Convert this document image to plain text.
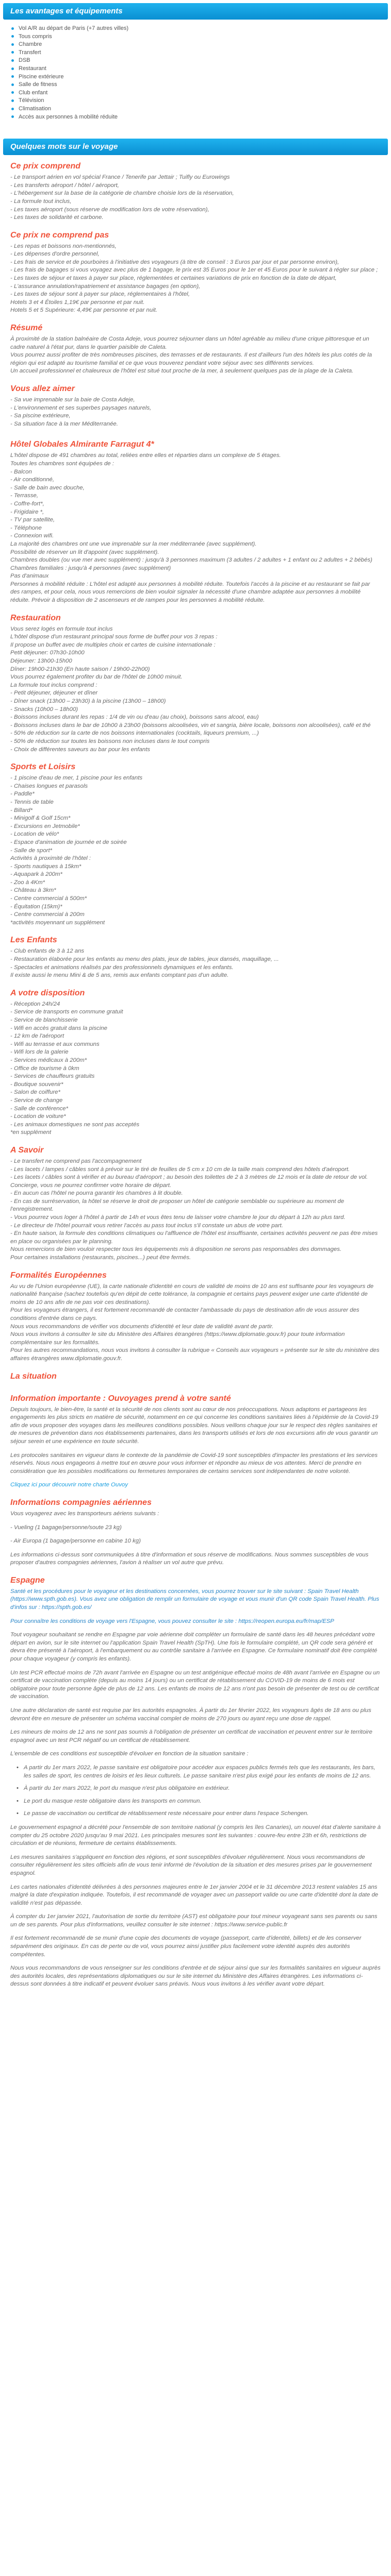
Les avantages et équipements
Vol A/R au départ de Paris (+7 autres villes)
Tous compris
Chambre
Transfert
DSB
Restaurant
Piscine extérieure
Salle de fitness
Club enfant
Télévision
Climatisation
Accès aux personnes à mobilité réduite
Quelques mots sur le voyage
Ce prix comprend

- Le transport aérien en vol spécial France / Tenerife par Jettair ; Tuifly ou Eurowings
- Les transferts aéroport / hôtel / aéroport,
- L'hébergement sur la base de la catégorie de chambre choisie lors de la réservation,
- La formule tout inclus,
- Les taxes aéroport (sous réserve de modification lors de votre réservation),
- Les taxes de solidarité et carbone.

Ce prix ne comprend pas

- Les repas et boissons non-mentionnés,
- Les dépenses d'ordre personnel,
- Les frais de service et de pourboires à l'initiative des voyageurs (à titre de conseil : 3 Euros par jour et par personne environ),
- Les frais de bagages si vous voyagez avec plus de 1 bagage, le prix est 35 Euros pour le 1er et 45 Euros pour le suivant à régler sur place ;
- Les taxes de séjour et taxes à payer sur place, réglementées et certaines variations de prix en fonction de la date de départ,
- L'assurance annulation/rapatriement et assistance bagages (en option),
- Les taxes de séjour sont à payer sur place, réglementaires à l'hôtel,
Hotels 3 et 4 Étoiles 1,19€ par personne et par nuit.
Hotels 5 et 5 Supérieure: 4,49€ par personne et par nuit.

Résumé

À proximité de la station balnéaire de Costa Adeje, vous pourrez séjourner dans un hôtel agréable au milieu d'une crique pittoresque et un cadre naturel à l'état pur, dans le quartier paisible de Caleta.
Vous pourrez aussi profiter de très nombreuses piscines, des terrasses et de restaurants. Il est d'ailleurs l'un des hôtels les plus cotés de la région qui est adapté au tourisme familial et ce que vous trouverez pendant votre séjour avec ses différents services.
Un accueil professionnel et chaleureux de l'hôtel est situé tout proche de la mer, à seulement quelques pas de la plage de la Caleta.

Vous allez aimer

- Sa vue imprenable sur la baie de Costa Adeje,
- L'environnement et ses superbes paysages naturels,
- Sa piscine extérieure,
- Sa situation face à la mer Méditerranée.

Hôtel Globales Almirante Farragut 4*

L'hôtel dispose de 491 chambres au total, reliées entre elles et réparties dans un complexe de 5 étages.
Toutes les chambres sont équipées de :
- Balcon
- Air conditionné,
- Salle de bain avec douche,
- Terrasse,
- Coffre-fort*,
- Frigidaire *,
- TV par satellite,
- Téléphone
- Connexion wifi.
La majorité des chambres ont une vue imprenable sur la mer méditerranée (avec supplément).
Possibilité de réserver un lit d'appoint (avec supplément).
Chambres doubles (ou vue mer avec supplément) : jusqu'à 3 personnes maximum (3 adultes / 2 adultes + 1 enfant ou 2 adultes + 2 bébés)
Chambres familiales : jusqu'à 4 personnes (avec supplément)
Pas d'animaux
Personnes à mobilité réduite : L'hôtel est adapté aux personnes à mobilité réduite. Toutefois l'accès à la piscine et au restaurant se fait par des rampes, et pour cela, nous vous remercions de bien vouloir signaler la nécessité d'une chambre adaptée aux personnes à mobilité réduite. Prévoir à disposition de 2 ascenseurs et de rampes pour les personnes à mobilité réduite.

Restauration

Vous serez logés en formule tout inclus
L'hôtel dispose d'un restaurant principal sous forme de buffet pour vos 3 repas :
Il propose un buffet avec de multiples choix et cartes de cuisine internationale :
Petit déjeuner: 07h30-10h00
Déjeuner: 13h00-15h00
Dîner: 19h00-21h30 (En haute saison / 19h00-22h00)
Vous pourrez également profiter du bar de l'hôtel de 10h00 minuit.
La formule tout inclus comprend :
- Petit déjeuner, déjeuner et dîner
- Dîner snack (13h00 – 23h30) à la piscine (13h00 – 18h00)
- Snacks (10h00 – 18h00)
- Boissons incluses durant les repas : 1/4 de vin ou d'eau (au choix), boissons sans alcool, eau)
- Boissons incluses dans le bar de 10h00 à 23h00 (boissons alcoolisées, vin et sangria, bière locale, boissons non alcoolisées), café et thé
- 50% de réduction sur la carte de nos boissons internationales (cocktails, liqueurs premium, ...)
- 50% de réduction sur toutes les boissons non incluses dans le tout compris
- Choix de différentes saveurs au bar pour les enfants

Sports et Loisirs

- 1 piscine d'eau de mer, 1 piscine pour les enfants
- Chaises longues et parasols
- Paddle*
- Tennis de table
- Billard*
- Minigolf & Golf 15cm*
- Excursions en Jetmobile*
- Location de vélo*
- Espace d'animation de journée et de soirée
- Salle de sport*
Activités à proximité de l'hôtel :
- Sports nautiques à 15km*
- Aquapark à 200m*
- Zoo à 4Km*
- Château à 3km*
- Centre commercial à 500m*
- Équitation (15km)*
- Centre commercial à 200m
*activités moyennant un supplément

Les Enfants

- Club enfants de 3 à 12 ans
- Restauration élaborée pour les enfants au menu des plats, jeux de tables, jeux dansés, maquillage, ...
- Spectacles et animations réalisés par des professionnels dynamiques et les enfants.
Il existe aussi le menu Mini & de 5 ans, remis aux enfants comptant pas d'un adulte.

A votre disposition

- Réception 24h/24
- Service de transports en commune gratuit
- Service de blanchisserie
- Wifi en accès gratuit dans la piscine
- 12 km de l'aéroport
- Wifi au terrasse et aux communs
- Wifi lors de la galerie
- Services médicaux à 200m*
- Office de tourisme à 0km
- Services de chauffeurs gratuits
- Boutique souvenir*
- Salon de coiffure*
- Service de change
- Salle de conférence*
- Location de voiture*
- Les animaux domestiques ne sont pas acceptés
*en supplément

A Savoir

- Le transfert ne comprend pas l'accompagnement
- Les lacets / lampes / câbles sont à prévoir sur le tiré de feuilles de 5 cm x 10 cm de la taille mais comprend des hôtels d'aéroport.
- Les lacets / câbles sont à vérifier et au bureau d'aéroport ; au besoin des toilettes de 2 à 3 mètres de 12 mois et la date de retour de vol.
Concierge, vous ne pourrez confirmer votre horaire de départ.
- En aucun cas l'hôtel ne pourra garantir les chambres à lit double.
- En cas de surréservation, la hôtel se réserve le droit de proposer un hôtel de catégorie semblable ou supérieure au moment de l'enregistrement.
- Vous pourrez vous loger à l'hôtel à partir de 14h et vous êtes tenu de laisser votre chambre le jour du départ à 12h au plus tard.
- Le directeur de l'hôtel pourrait vous retirer l'accès au pass tout inclus s'il constate un abus de votre part.
- En haute saison, la formule des conditions climatiques ou l'affluence de l'hôtel est insuffisante, certaines activités peuvent ne pas être mises en place ou organisées par le planning.
Nous remercions de bien vouloir respecter tous les équipements mis à disposition ne serons pas responsables des dommages.
Pour certaines installations (restaurants, piscines...) peut être fermés.

Formalités Européennes

Au vu de l'Union européenne (UE), la carte nationale d'identité en cours de validité de moins de 10 ans est suffisante pour les voyageurs de nationalité française (sachez toutefois qu'en dépit de cette tolérance, la compagnie et certains pays peuvent exiger une carte d'identité de moins de 10 ans afin de ne pas voir ces destinations).
Pour les voyageurs étrangers, il est fortement recommandé de contacter l'ambassade du pays de destination afin de vous assurer des conditions d'entrée dans ce pays.
Nous vous recommandons de vérifier vos documents d'identité et leur date de validité avant de partir.
Nous vous invitons à consulter le site du Ministère des Affaires étrangères (https://www.diplomatie.gouv.fr) pour toute information complémentaire sur les formalités.
Pour les autres recommandations, nous vous invitons à consulter la rubrique « Conseils aux voyageurs » présente sur le site du ministère des affaires étrangères www.diplomatie.gouv.fr.

La situation

Information importante : Ouvoyages prend à votre santé

Depuis toujours, le bien-être, la santé et la sécurité de nos clients sont au cœur de nos préoccupations. Nous adaptons et partageons les engagements les plus stricts en matière de sécurité, notamment en ce qui concerne les conditions sanitaires liées à l'épidémie de la Covid-19 afin de vous proposer des voyages dans les meilleures conditions possibles. Nous veillons chaque jour sur le respect des règles sanitaires et de mesures de prévention dans nos établissements partenaires, dans les transports utilisés et lors de nos excursions afin de vous garantir un séjour serein et une expérience en toute sécurité.

Les protocoles sanitaires en vigueur dans le contexte de la pandémie de Covid-19 sont susceptibles d'impacter les prestations et les services réservés. Nous nous engageons à mettre tout en œuvre pour vous informer et répondre au mieux de vos attentes. Merci de prendre en considération que les possibles modifications ou fermetures temporaires de certains services sont indépendantes de notre volonté.

Cliquez ici pour découvrir notre charte Ouvoy

Informations compagnies aériennes

Vous voyagerez avec les transporteurs aériens suivants :

- Vueling (1 bagage/personne/soute 23 kg)

- Air Europa (1 bagage/personne en cabine 10 kg)

Les informations ci-dessus sont communiquées à titre d'information et sous réserve de modifications. Nous sommes susceptibles de vous proposer d'autres compagnies aériennes, l'avion à réaliser un vol autre que prévu.

Espagne

Santé et les procédures pour le voyageur et les destinations concernées, vous pourrez trouver sur le site suivant : Spain Travel Health (https://www.spth.gob.es). Vous avez une obligation de remplir un formulaire de voyage et vous munir d'un QR code Spain Travel Health. Plus d'infos sur : https://spth.gob.es/

Pour connaître les conditions de voyage vers l'Espagne, vous pouvez consulter le site : https://reopen.europa.eu/fr/map/ESP

Tout voyageur souhaitant se rendre en Espagne par voie aérienne doit compléter un formulaire de santé dans les 48 heures précédant votre départ en avion, sur le site internet ou l'application Spain Travel Health (SpTH). Une fois le formulaire complété, un QR code sera généré et devra être présenté à l'aéroport, à l'embarquement ou au contrôle sanitaire à l'arrivée en Espagne. Ce formulaire nominatif doit être complété pour chaque voyageur (y compris les enfants).

Un test PCR effectué moins de 72h avant l'arrivée en Espagne ou un test antigénique effectué moins de 48h avant l'arrivée en Espagne ou un certificat de vaccination complète (depuis au moins 14 jours) ou un certificat de rétablissement du COVID-19 de moins de 6 mois est obligatoire pour toute personne âgée de plus de 12 ans. Les enfants de moins de 12 ans n'ont pas besoin de présenter de test ou de certificat de vaccination.

Une autre déclaration de santé est requise par les autorités espagnoles. À partir du 1er février 2022, les voyageurs âgés de 18 ans ou plus devront être en mesure de présenter un schéma vaccinal complet de moins de 270 jours ou ayant reçu une dose de rappel.

Les mineurs de moins de 12 ans ne sont pas soumis à l'obligation de présenter un certificat de vaccination et peuvent entrer sur le territoire espagnol avec un test PCR négatif ou un certificat de rétablissement.

L'ensemble de ces conditions est susceptible d'évoluer en fonction de la situation sanitaire :

• A partir du 1er mars 2022, le passe sanitaire est obligatoire pour accéder aux espaces publics fermés tels que les restaurants, les bars, les salles de sport, les centres de loisirs et les lieux culturels. Le passe sanitaire n'est plus exigé pour les enfants de moins de 12 ans.
• À partir du 1er mars 2022, le port du masque n'est plus obligatoire en extérieur.
• Le port du masque reste obligatoire dans les transports en commun.
• Le passe de vaccination ou certificat de rétablissement reste nécessaire pour entrer dans l'espace Schengen.

Le gouvernement espagnol a décrété pour l'ensemble de son territoire national (y compris les îles Canaries), un nouvel état d'alerte sanitaire à compter du 25 octobre 2020 jusqu'au 9 mai 2021. Les principales mesures sont les suivantes : couvre-feu entre 23h et 6h, restrictions de circulation et de réunions, fermeture de certains établissements.

Les mesures sanitaires s'appliquent en fonction des régions, et sont susceptibles d'évoluer régulièrement. Nous vous recommandons de consulter régulièrement les sites officiels afin de vous tenir informé de l'évolution de la situation et des mesures prises par le gouvernement espagnol.

Les cartes nationales d'identité délivrées à des personnes majeures entre le 1er janvier 2004 et le 31 décembre 2013 restent valables 15 ans malgré la date d'expiration indiquée. Toutefois, il est recommandé de voyager avec un passeport valide ou une carte d'identité dont la date de validité n'est pas dépassée.

À compter du 1er janvier 2021, l'autorisation de sortie du territoire (AST) est obligatoire pour tout mineur voyageant sans ses parents ou sans un de ses parents. Pour plus d'informations, veuillez consulter le site internet : https://www.service-public.fr

Il est fortement recommandé de se munir d'une copie des documents de voyage (passeport, carte d'identité, billets) et de les conserver séparément des originaux. En cas de perte ou de vol, vous pourrez ainsi justifier plus facilement votre identité auprès des autorités compétentes.

Nous vous recommandons de vous renseigner sur les conditions d'entrée et de séjour ainsi que sur les formalités sanitaires en vigueur auprès des autorités locales, des représentations diplomatiques ou sur le site internet du Ministère des Affaires étrangères. Les informations ci-dessus sont données à titre indicatif et peuvent évoluer sans préavis. Nous vous invitons à les vérifier avant votre départ.
